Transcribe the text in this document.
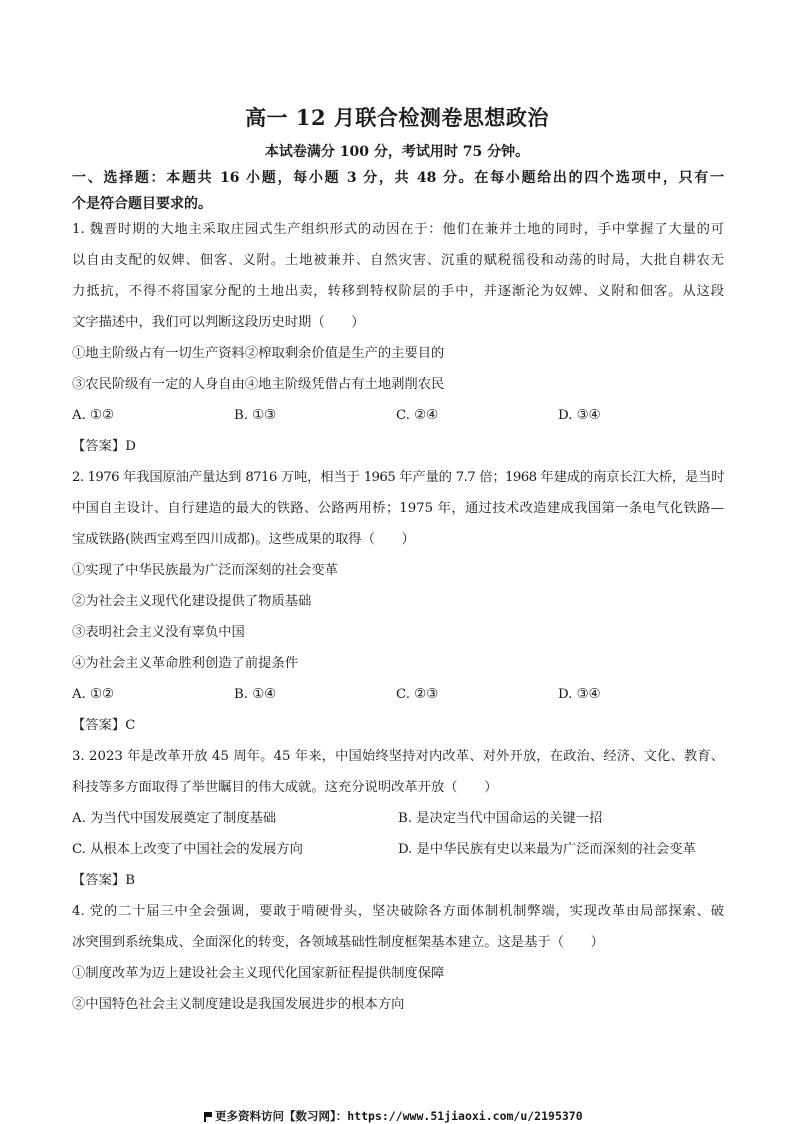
高一 12 月联合检测卷思想政治
本试卷满分 100 分，考试用时 75 分钟。
一、选择题：本题共 16 小题，每小题 3 分，共 48 分。在每小题给出的四个选项中，只有一
个是符合题目要求的。
1. 魏晋时期的大地主采取庄园式生产组织形式的动因在于：他们在兼并土地的同时，手中掌握了大量的可
以自由支配的奴婢、佃客、义附。土地被兼并、自然灾害、沉重的赋税徭役和动荡的时局，大批自耕农无
力抵抗，不得不将国家分配的土地出卖，转移到特权阶层的手中，并逐渐沦为奴婢、义附和佃客。从这段
文字描述中，我们可以判断这段历史时期（　　）
①地主阶级占有一切生产资料②榨取剩余价值是生产的主要目的
③农民阶级有一定的人身自由④地主阶级凭借占有土地剥削农民
A. ①②	B. ①③	C. ②④	D. ③④
【答案】D
2. 1976 年我国原油产量达到 8716 万吨，相当于 1965 年产量的 7.7 倍；1968 年建成的南京长江大桥，是当时
中国自主设计、自行建造的最大的铁路、公路两用桥；1975 年，通过技术改造建成我国第一条电气化铁路—
宝成铁路(陕西宝鸡至四川成都)。这些成果的取得（　　）
①实现了中华民族最为广泛而深刻的社会变革
②为社会主义现代化建设提供了物质基础
③表明社会主义没有辜负中国
④为社会主义革命胜利创造了前提条件
A. ①②	B. ①④	C. ②③	D. ③④
【答案】C
3. 2023 年是改革开放 45 周年。45 年来，中国始终坚持对内改革、对外开放，在政治、经济、文化、教育、
科技等多方面取得了举世瞩目的伟大成就。这充分说明改革开放（　　）
A. 为当代中国发展奠定了制度基础	B. 是决定当代中国命运的关键一招
C. 从根本上改变了中国社会的发展方向	D. 是中华民族有史以来最为广泛而深刻的社会变革
【答案】B
4. 党的二十届三中全会强调，要敢于啃硬骨头，坚决破除各方面体制机制弊端，实现改革由局部探索、破
冰突围到系统集成、全面深化的转变，各领域基础性制度框架基本建立。这是基于（　　）
①制度改革为迈上建设社会主义现代化国家新征程提供制度保障
②中国特色社会主义制度建设是我国发展进步的根本方向
更多资料访问【数习网】：https://www.51jiaoxi.com/u/2195370
